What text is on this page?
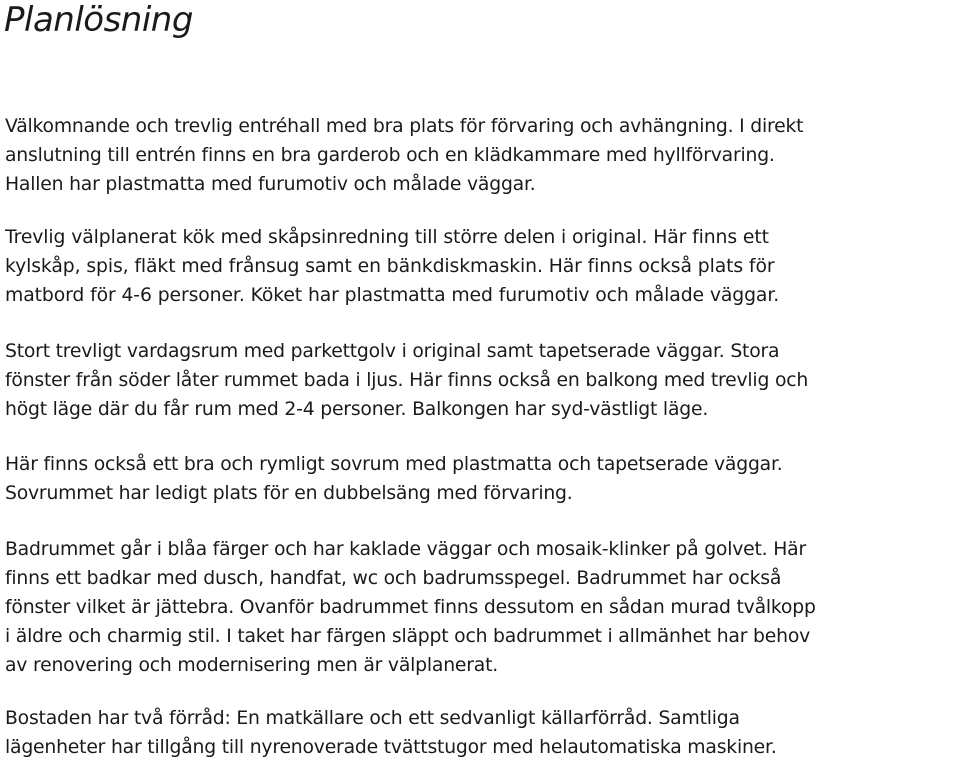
Planlösning
Välkomnande och trevlig entréhall med bra plats för förvaring och avhängning. I direkt
anslutning till entrén finns en bra garderob och en klädkammare med hyllförvaring.
Hallen har plastmatta med furumotiv och målade väggar.
Trevlig välplanerat kök med skåpsinredning till större delen i original. Här finns ett
kylskåp, spis, fläkt med frånsug samt en bänkdiskmaskin. Här finns också plats för
matbord för 4-6 personer. Köket har plastmatta med furumotiv och målade väggar.
Stort trevligt vardagsrum med parkettgolv i original samt tapetserade väggar. Stora
fönster från söder låter rummet bada i ljus. Här finns också en balkong med trevlig och
högt läge där du får rum med 2-4 personer. Balkongen har syd-västligt läge.
Här finns också ett bra och rymligt sovrum med plastmatta och tapetserade väggar.
Sovrummet har ledigt plats för en dubbelsäng med förvaring.
Badrummet går i blåa färger och har kaklade väggar och mosaik-klinker på golvet. Här
finns ett badkar med dusch, handfat, wc och badrumsspegel. Badrummet har också
fönster vilket är jättebra. Ovanför badrummet finns dessutom en sådan murad tvålkopp
i äldre och charmig stil. I taket har färgen släppt och badrummet i allmänhet har behov
av renovering och modernisering men är välplanerat.
Bostaden har två förråd: En matkällare och ett sedvanligt källarförråd. Samtliga
lägenheter har tillgång till nyrenoverade tvättstugor med helautomatiska maskiner.
